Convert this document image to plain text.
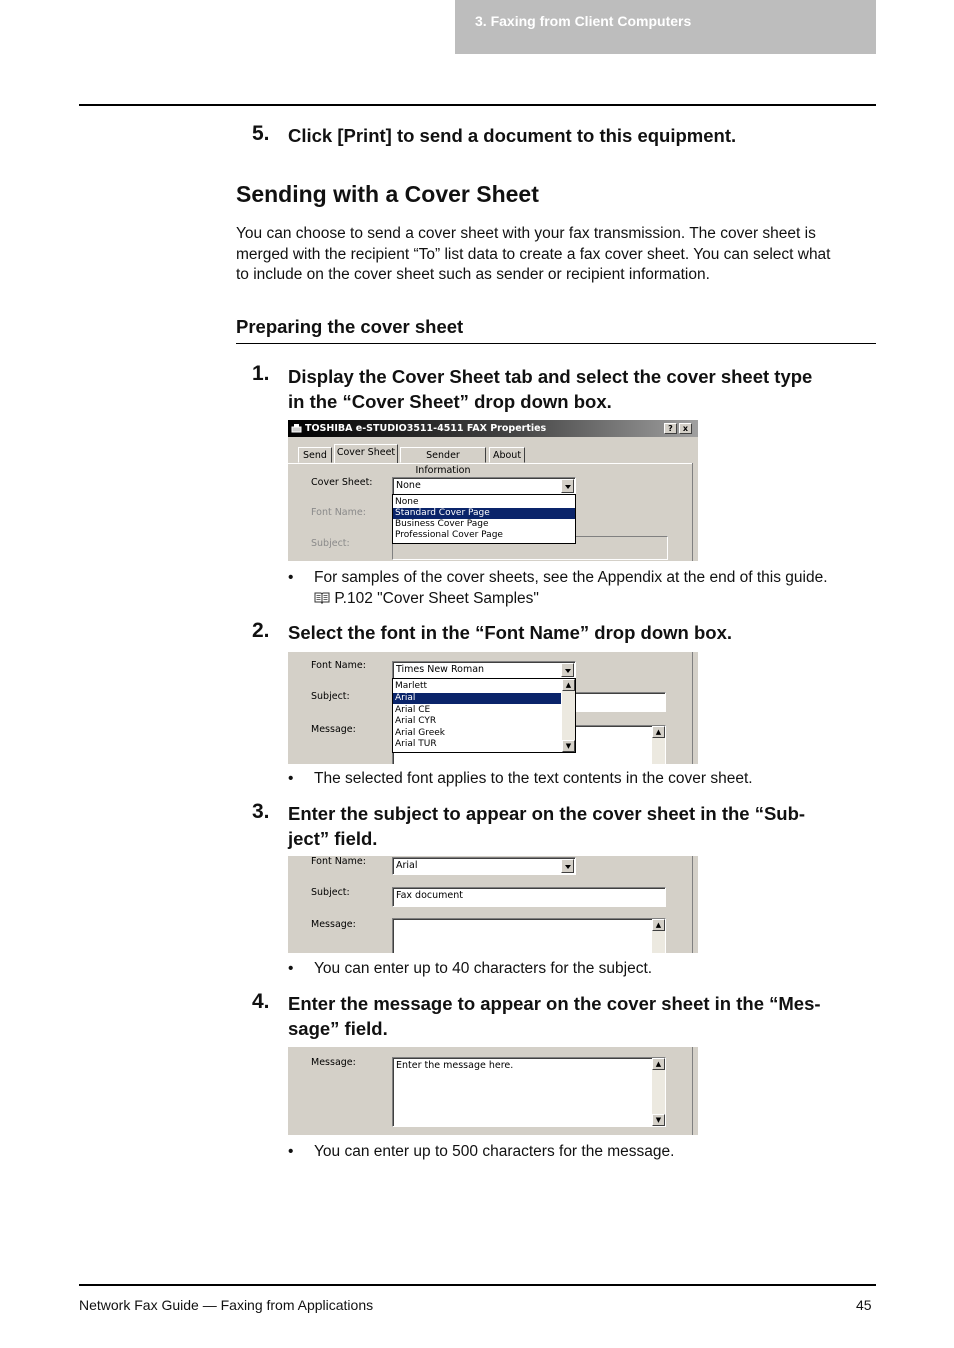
3. Faxing from Client Computers
5. Click [Print] to send a document to this equipment.
Sending with a Cover Sheet
You can choose to send a cover sheet with your fax transmission. The cover sheet is
merged with the recipient “To” list data to create a fax cover sheet. You can select what
to include on the cover sheet such as sender or recipient information.
Preparing the cover sheet
1. Display the Cover Sheet tab and select the cover sheet type
in the “Cover Sheet” drop down box.
TOSHIBA e-STUDIO3511-4511 FAX Properties	?	x
Send	Cover Sheet	Sender Information
About
Cover Sheet: None
Font Name:
Subject:
None
Standard Cover Page
Business Cover Page
Professional Cover Page
• For samples of the cover sheets, see the Appendix at the end of this guide.
P.102 "Cover Sheet Samples"
2. Select the font in the “Font Name” drop down box.
Font Name:	Times New Roman
Subject:
Message:	▲
Marlett
Arial
Arial CE
Arial CYR
Arial Greek
Arial TUR
▲
▼
• The selected font applies to the text contents in the cover sheet.
3. Enter the subject to appear on the cover sheet in the “Sub-
ject” field.
Font Name:	Arial
Subject:	Fax document
Message:	▲
• You can enter up to 40 characters for the subject.
4. Enter the message to appear on the cover sheet in the “Mes-
sage” field.
Message:	Enter the message here.	▲
▼
• You can enter up to 500 characters for the message.
Network Fax Guide — Faxing from Applications	45
